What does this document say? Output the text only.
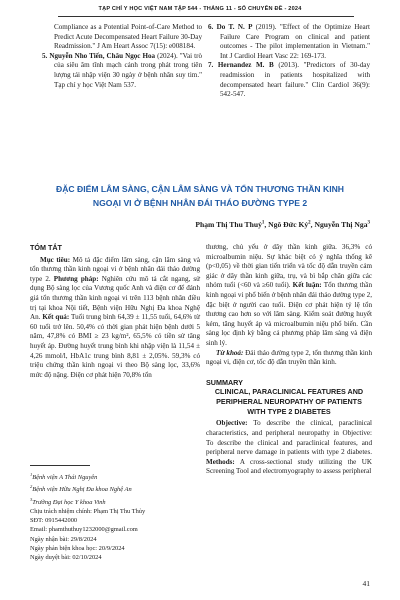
TẠP CHÍ Y HỌC VIỆT NAM TẬP 544 - THÁNG 11 - SỐ CHUYÊN ĐỀ - 2024
Compliance as a Potential Point-of-Care Method to Predict Acute Decompensated Heart Failure 30-Day Readmission." J Am Heart Assoc 7(15): e008184.
5. Nguyễn Nho Tiến, Châu Ngọc Hoa (2024). "Vai trò của siêu âm tĩnh mạch cảnh trong phát trong tiên lượng tái nhập viện 30 ngày ở bệnh nhân suy tim." Tạp chí y học Việt Nam 537.
6. Do T. N. P (2019). "Effect of the Optimize Heart Failure Care Program on clinical and patient outcomes - The pilot implementation in Vietnam." Int J Cardiol Heart Vasc 22: 169-173.
7. Hernandez M. B (2013). "Predictors of 30-day readmission in patients hospitalized with decompensated heart failure." Clin Cardiol 36(9): 542-547.
ĐẶC ĐIỂM LÂM SÀNG, CẬN LÂM SÀNG VÀ TỔN THƯƠNG THẦN KINH
NGOẠI VI Ở BỆNH NHÂN ĐÁI THÁO ĐƯỜNG TYPE 2
Phạm Thị Thu Thuỷ$^1$, Ngô Đức Kỷ$^2$, Nguyễn Thị Nga$^3$
TÓM TẮT

Mục tiêu: Mô tả đặc điểm lâm sàng, cận lâm sàng và tổn thương thần kinh ngoại vi ở bệnh nhân đái tháo đường type 2. Phương pháp: Nghiên cứu mô tả cắt ngang, sử dụng Bộ sàng lọc của Vương quốc Anh và điện cơ để đánh giá tổn thương thần kinh ngoại vi trên 113 bệnh nhân điều trị tại khoa Nội tiết, Bệnh viện Hữu Nghị Đa khoa Nghệ An. Kết quả: Tuổi trung bình 64,39 ± 11,55 tuổi, 64,6% từ 60 tuổi trở lên. 50,4% có thời gian phát hiện bệnh dưới 5 năm, 47,8% có BMI ≥ 23 kg/m², 65,5% có tiền sử tăng huyết áp. Đường huyết trung bình khi nhập viện là 11,54 ± 4,26 mmol/l, HbA1c trung bình 8,81 ± 2,05%. 59,3% có triệu chứng thần kinh ngoại vi theo Bộ sàng lọc, 33,6% mức độ nặng. Điện cơ phát hiện 70,8% tổn

$^1$Bệnh viện A Thái Nguyên
$^2$Bệnh viện Hữu Nghị Đa khoa Nghệ An
$^3$Trường Đại học Y khoa Vinh
Chịu trách nhiệm chính: Phạm Thị Thu Thủy
SĐT: 0915442000
Email: phamthuthuy1232000@gmail.com
Ngày nhận bài: 29/8/2024
Ngày phản biện khoa học: 20/9/2024
Ngày duyệt bài: 02/10/2024

thương, chủ yếu ở dây thần kinh giữa. 36,3% có microalbumin niệu. Sự khác biệt có ý nghĩa thống kê (p<0,05) về thời gian tiến triển và tốc độ dẫn truyền cảm giác ở dây thần kinh giữa, trụ, và bì bắp chân giữa các nhóm tuổi (<60 và ≥60 tuổi). Kết luận: Tổn thương thần kinh ngoại vi phổ biến ở bệnh nhân đái tháo đường type 2, đặc biệt ở người cao tuổi. Điện cơ phát hiện tỷ lệ tổn thương cao hơn so với lâm sàng. Kiểm soát đường huyết kém, tăng huyết áp và microalbumin niệu phổ biến. Cần sàng lọc định kỳ bằng cả phương pháp lâm sàng và điện sinh lý.

Từ khoá: Đái tháo đường type 2, tổn thương thần kinh ngoại vi, điện cơ, tốc độ dẫn truyền thần kinh.

SUMMARY
CLINICAL, PARACLINICAL FEATURES AND PERIPHERAL NEUROPATHY OF PATIENTS WITH TYPE 2 DIABETES

Objective: To describe the clinical, paraclinical characteristics, and peripheral neuropathy in Objective: To describe the clinical and paraclinical features, and peripheral nerve damage in patients with type 2 diabetes. Methods: A cross-sectional study utilizing the UK Screening Tool and electromyography to assess peripheral

41
